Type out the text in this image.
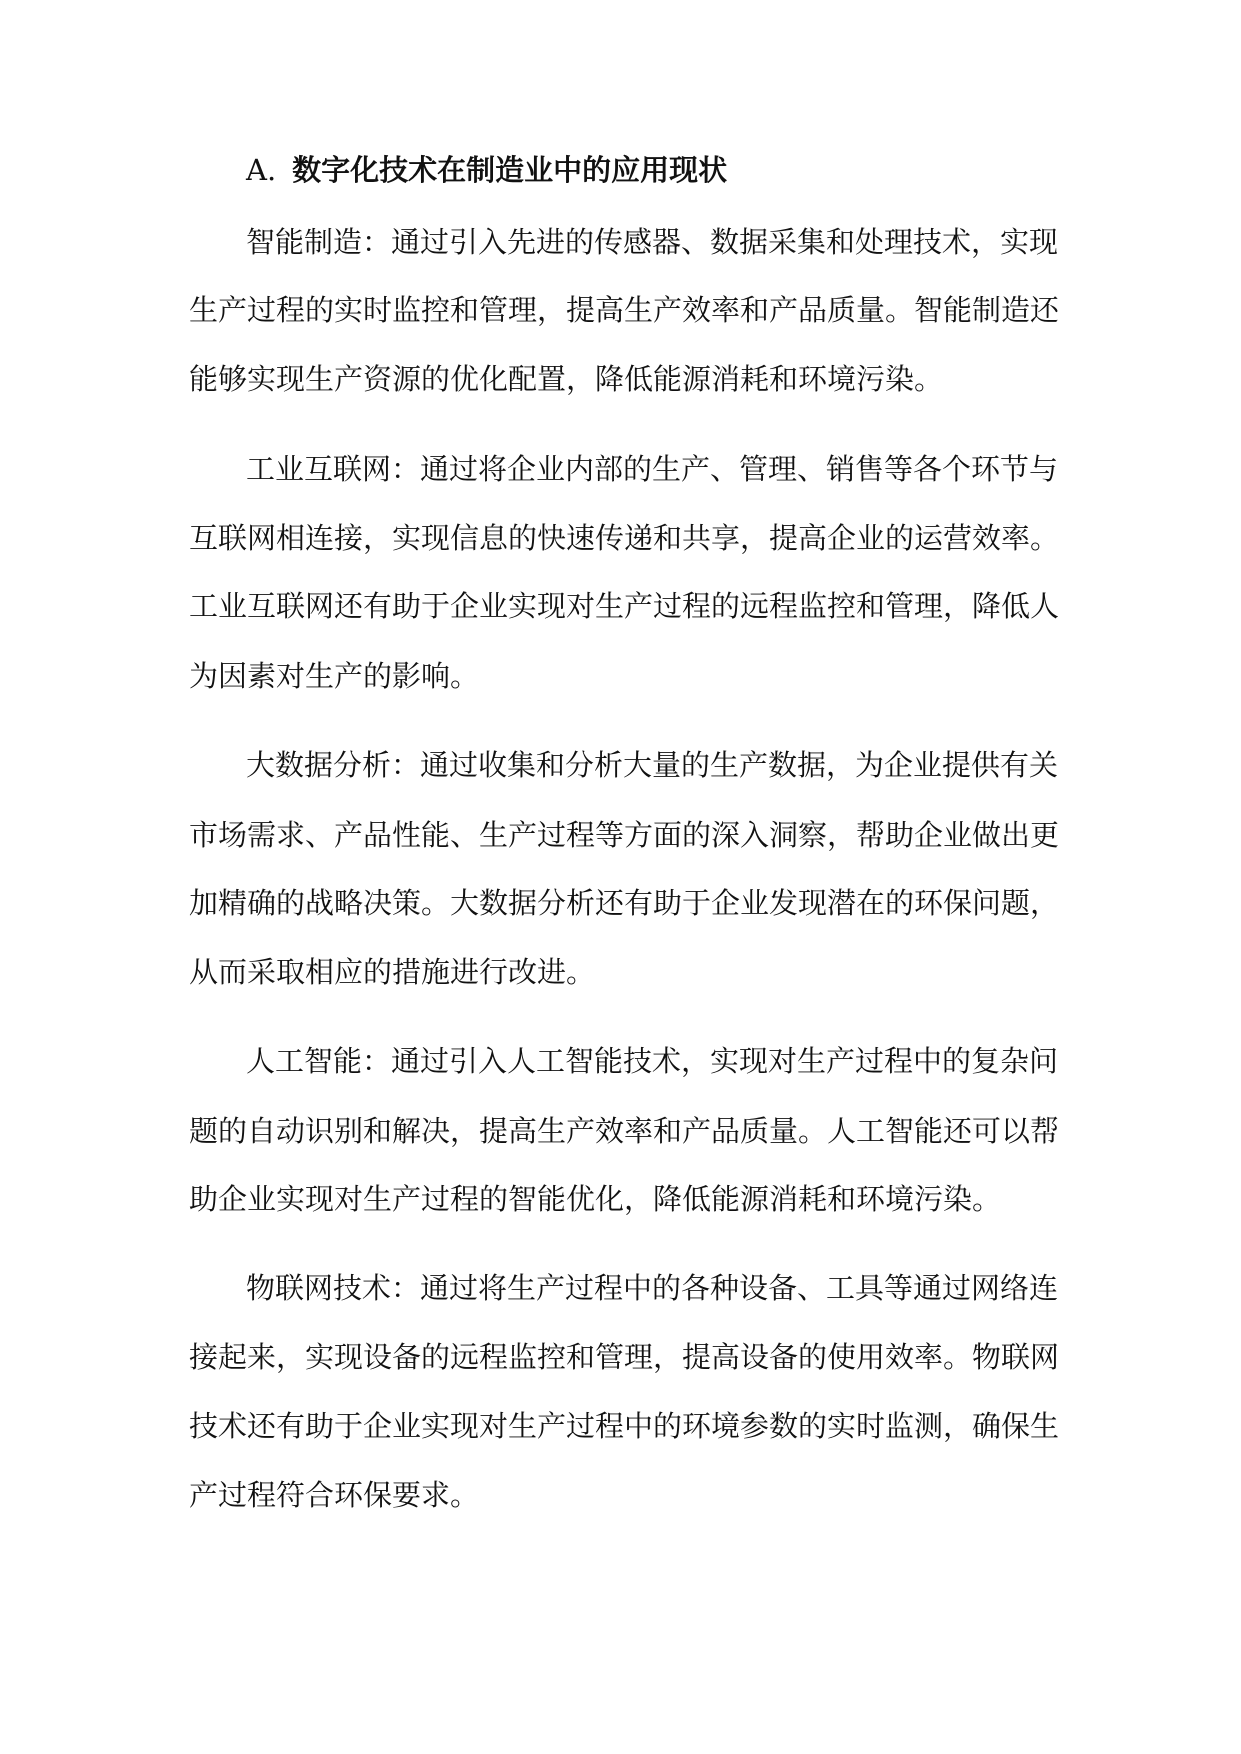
A. 数字化技术在制造业中的应用现状
智能制造：通过引入先进的传感器、数据采集和处理技术，实现
生产过程的实时监控和管理，提高生产效率和产品质量。智能制造还
能够实现生产资源的优化配置，降低能源消耗和环境污染。
工业互联网：通过将企业内部的生产、管理、销售等各个环节与
互联网相连接，实现信息的快速传递和共享，提高企业的运营效率。
工业互联网还有助于企业实现对生产过程的远程监控和管理，降低人
为因素对生产的影响。
大数据分析：通过收集和分析大量的生产数据，为企业提供有关
市场需求、产品性能、生产过程等方面的深入洞察，帮助企业做出更
加精确的战略决策。大数据分析还有助于企业发现潜在的环保问题，
从而采取相应的措施进行改进。
人工智能：通过引入人工智能技术，实现对生产过程中的复杂问
题的自动识别和解决，提高生产效率和产品质量。人工智能还可以帮
助企业实现对生产过程的智能优化，降低能源消耗和环境污染。
物联网技术：通过将生产过程中的各种设备、工具等通过网络连
接起来，实现设备的远程监控和管理，提高设备的使用效率。物联网
技术还有助于企业实现对生产过程中的环境参数的实时监测，确保生
产过程符合环保要求。
